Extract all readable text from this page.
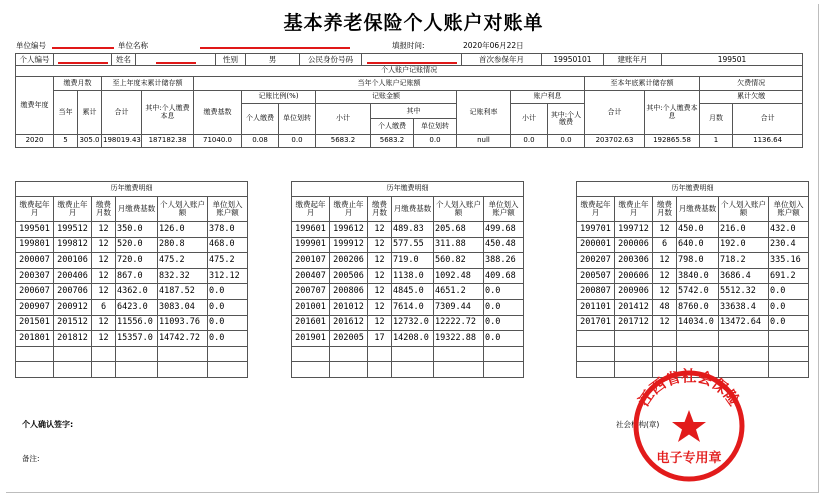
基本养老保险个人账户对账单
单位编号	单位名称	填报时间:	2020年06月22日
个人编号		姓名		性别	男	公民身份号码		首次参保年月	19950101	建账年月	199501
个人账户记账情况																	
缴费年度	缴费月数		至上年度末累计储存额		当年个人账户记账额									至本年底累计储存额		欠费情况	
	当年	累计	合计	其中:个人缴费本息	缴费基数	记账比例(%)		记账金额			记账利率	账户利息		合计	其中:个人缴费本息	累计欠缴	
						个人缴费	单位划转	小计	其中
个人缴费 单位划转			小计	其中:个人缴费			月数	合计
2020	5	305.0	198019.43	187182.38	71040.0	0.08	0.0	5683.2	5683.2	0.0	null	0.0	0.0	203702.63	192865.58	1	1136.64
历年缴费明细					
缴费起年月	缴费止年月	缴费月数	月缴费基数	个人划入账户额	单位划入账户额
199501	199512	12	350.0	126.0	378.0
199801	199812	12	520.0	280.8	468.0
200007	200106	12	720.0	475.2	475.2
200307	200406	12	867.0	832.32	312.12
200607	200706	12	4362.0	4187.52	0.0
200907	200912	6	6423.0	3083.04	0.0
201501	201512	12	11556.0	11093.76	0.0
201801	201812	12	15357.0	14742.72	0.0

历年缴费明细					
缴费起年月	缴费止年月	缴费月数	月缴费基数	个人划入账户额	单位划入账户额
199601	199612	12	489.83	205.68	499.68
199901	199912	12	577.55	311.88	450.48
200107	200206	12	719.0	560.82	388.26
200407	200506	12	1138.0	1092.48	409.68
200707	200806	12	4845.0	4651.2	0.0
201001	201012	12	7614.0	7309.44	0.0
201601	201612	12	12732.0	12222.72	0.0
201901	202005	17	14208.0	19322.88	0.0

历年缴费明细					
缴费起年月	缴费止年月	缴费月数	月缴费基数	个人划入账户额	单位划入账户额
199701	199712	12	450.0	216.0	432.0
200001	200006	6	640.0	192.0	230.4
200207	200306	12	798.0	718.2	335.16
200507	200606	12	3840.0	3686.4	691.2
200807	200906	12	5742.0	5512.32	0.0
201101	201412	48	8760.0	33638.4	0.0
201701	201712	12	14034.0	13472.64	0.0

个人确认签字:	社会机构(章)
备注:
江西省社会保险
电子专用章
